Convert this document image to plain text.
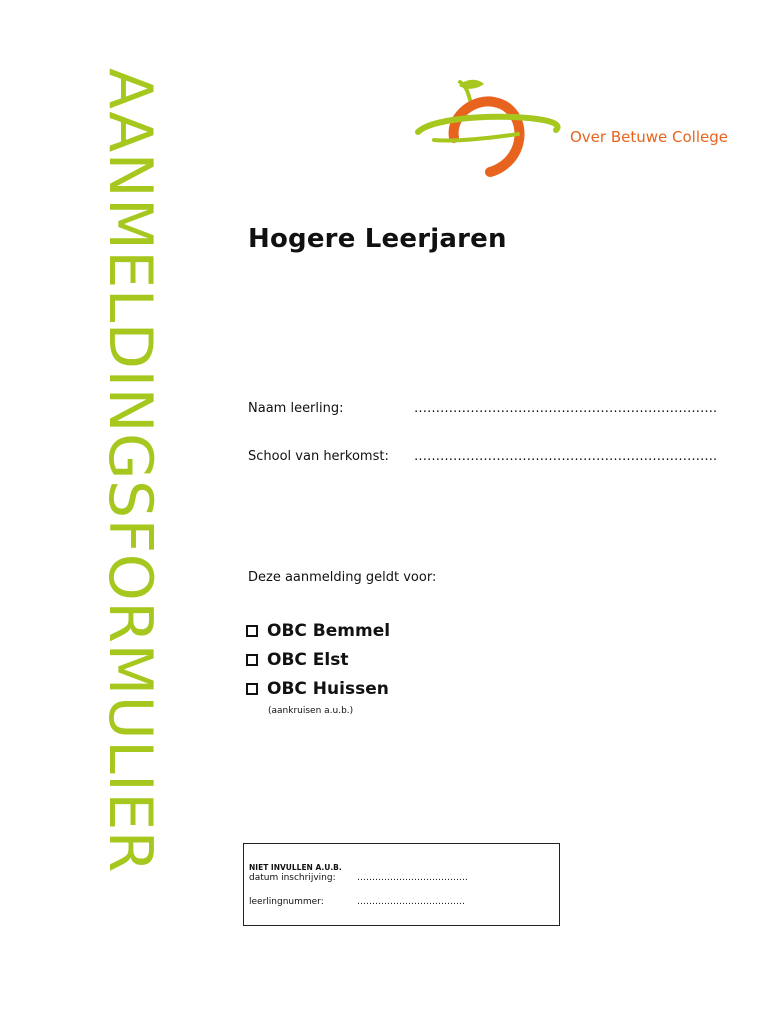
AANMELDINGSFORMULIER	Over Betuwe College
Hogere Leerjaren
Naam leerling:	…………………………………………………………….
School van herkomst: …………………………………………………………….
Deze aanmelding geldt voor:
OBC Bemmel
OBC Elst
OBC Huissen
(aankruisen a.u.b.)
NIET INVULLEN A.U.B.
datum inschrijving: ……………………………….
leerlingnummer:	………………………………
